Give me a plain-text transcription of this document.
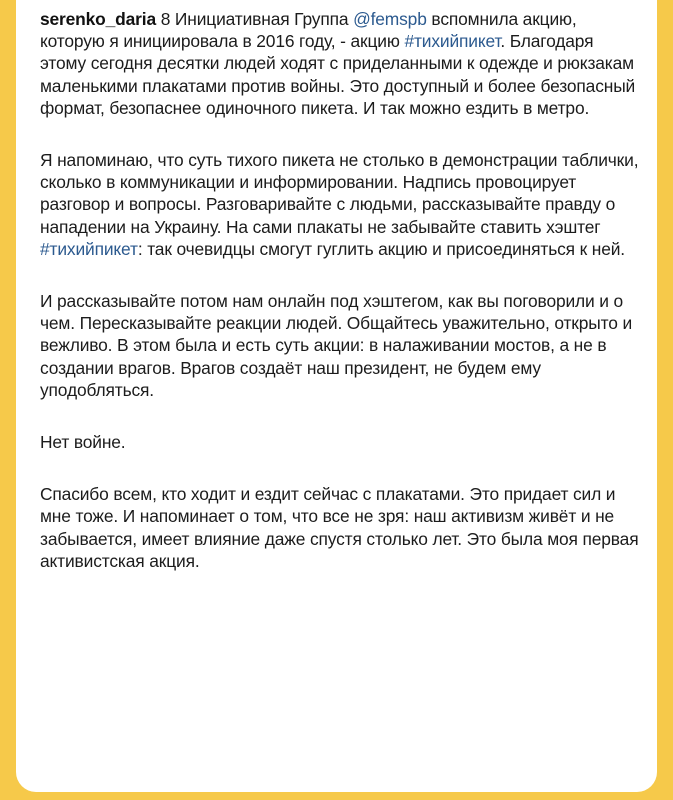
serenko_daria 8 Инициативная Группа @femspb вспомнила акцию, которую я инициировала в 2016 году, - акцию #тихийпикет. Благодаря этому сегодня десятки людей ходят с приделанными к одежде и рюкзакам маленькими плакатами против войны. Это доступный и более безопасный формат, безопаснее одиночного пикета. И так можно ездить в метро.

Я напоминаю, что суть тихого пикета не столько в демонстрации таблички, сколько в коммуникации и информировании. Надпись провоцирует разговор и вопросы. Разговаривайте с людьми, рассказывайте правду о нападении на Украину. На сами плакаты не забывайте ставить хэштег #тихийпикет: так очевидцы смогут гуглить акцию и присоединяться к ней.

И рассказывайте потом нам онлайн под хэштегом, как вы поговорили и о чем. Пересказывайте реакции людей. Общайтесь уважительно, открыто и вежливо. В этом была и есть суть акции: в налаживании мостов, а не в создании врагов. Врагов создаёт наш президент, не будем ему уподобляться.

Нет войне.

Спасибо всем, кто ходит и ездит сейчас с плакатами. Это придает сил и мне тоже. И напоминает о том, что все не зря: наш активизм живёт и не забывается, имеет влияние даже спустя столько лет. Это была моя первая активистская акция.
